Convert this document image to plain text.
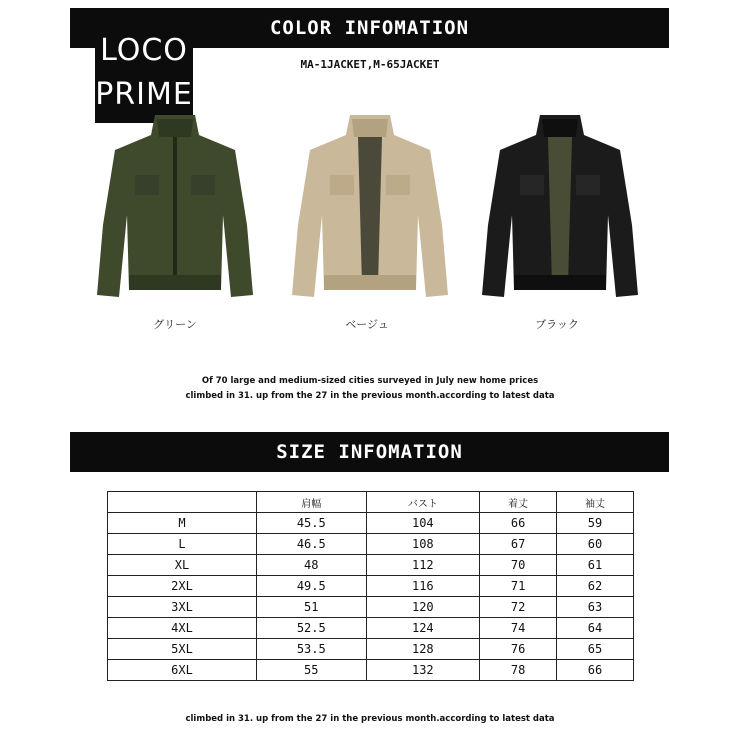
COLOR INFOMATION
LOCO
PRIME
MA-1JACKET,M-65JACKET
グリーン	ベージュ	ブラック
Of 70 large and medium-sized cities surveyed in July new home prices
climbed in 31. up from the 27 in the previous month.according to latest data
SIZE INFOMATION
	肩幅	バスト	着丈	袖丈
M	45.5	104	66	59
L	46.5	108	67	60
XL	48	112	70	61
2XL	49.5	116	71	62
3XL	51	120	72	63
4XL	52.5	124	74	64
5XL	53.5	128	76	65
6XL	55	132	78	66
climbed in 31. up from the 27 in the previous month.according to latest data
